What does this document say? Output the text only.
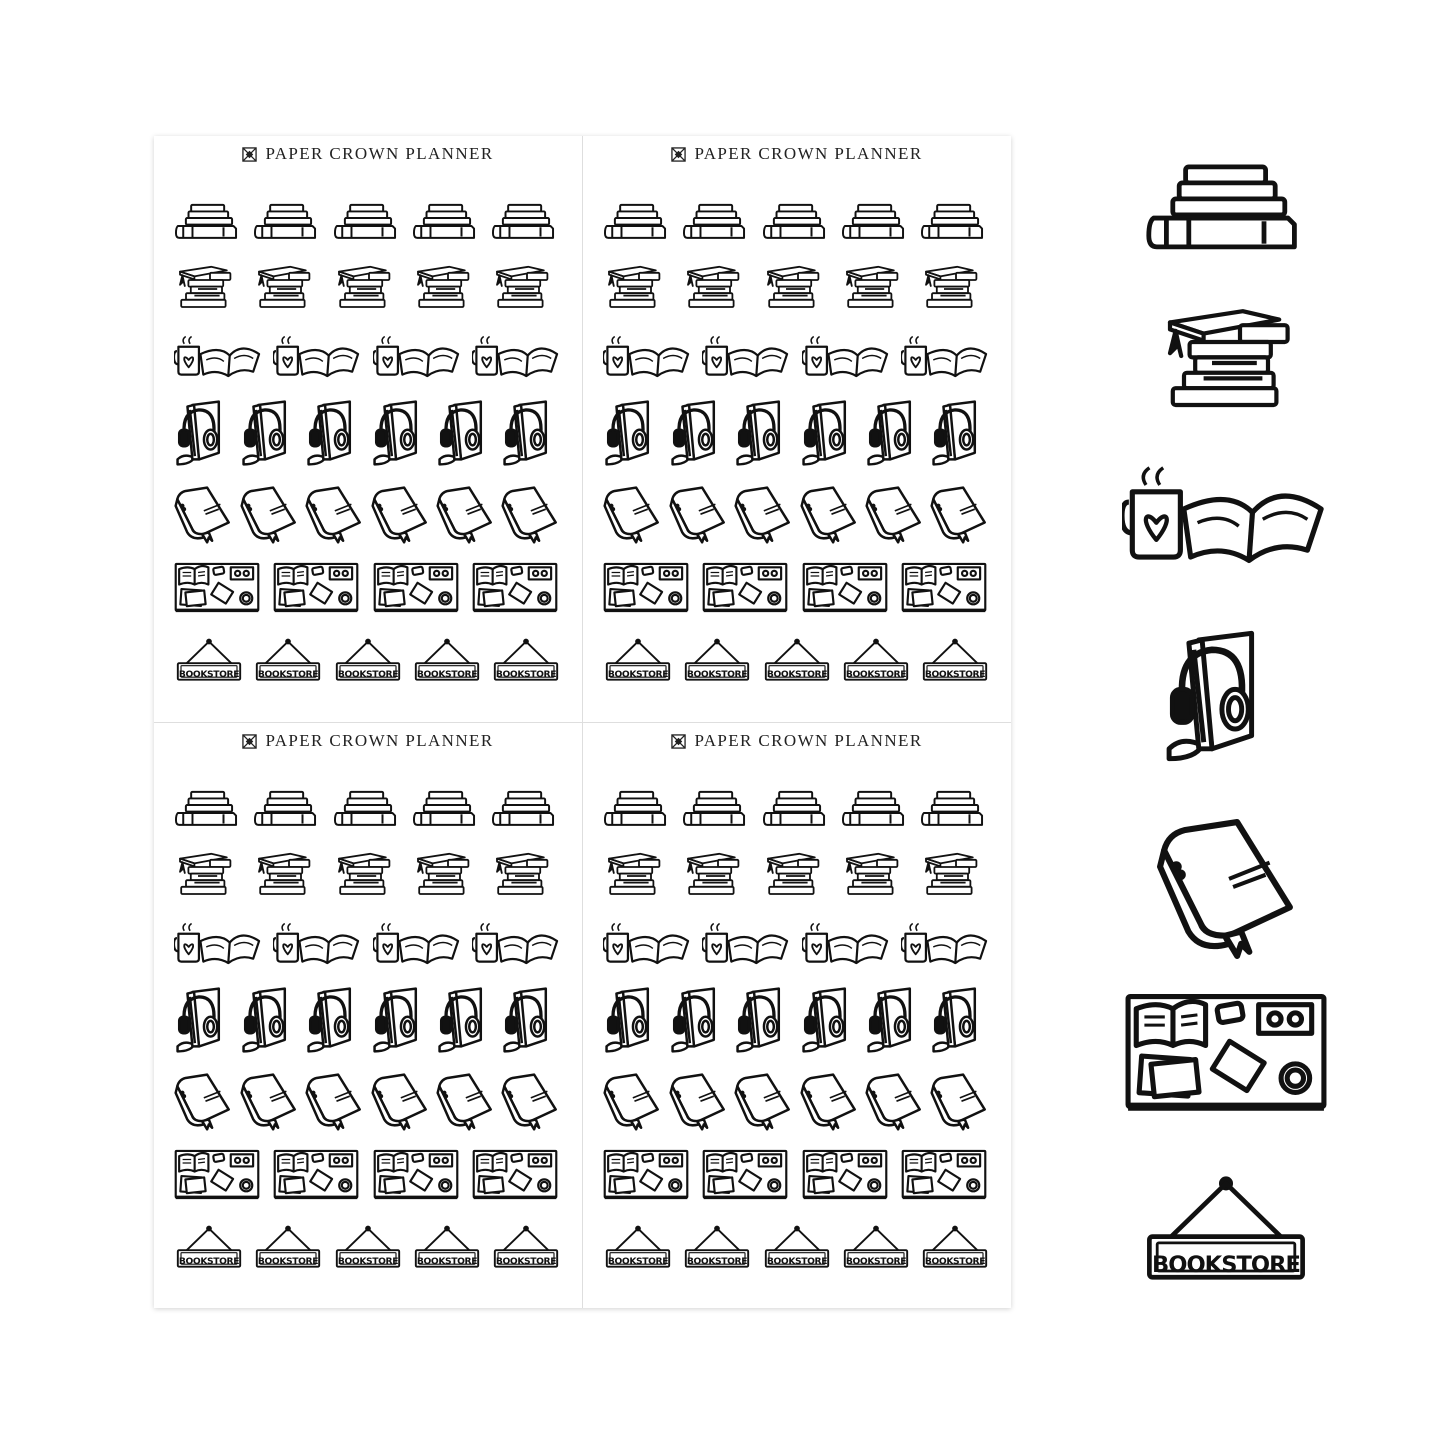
PAPER CROWN PLANNER
BOOKSTORE	BOOKSTORE	BOOKSTORE	BOOKSTORE	BOOKSTORE
PAPER CROWN PLANNER
BOOKSTORE	BOOKSTORE	BOOKSTORE	BOOKSTORE	BOOKSTORE
PAPER CROWN PLANNER
BOOKSTORE	BOOKSTORE	BOOKSTORE	BOOKSTORE	BOOKSTORE
PAPER CROWN PLANNER
BOOKSTORE	BOOKSTORE	BOOKSTORE	BOOKSTORE	BOOKSTORE	BOOKSTORE
